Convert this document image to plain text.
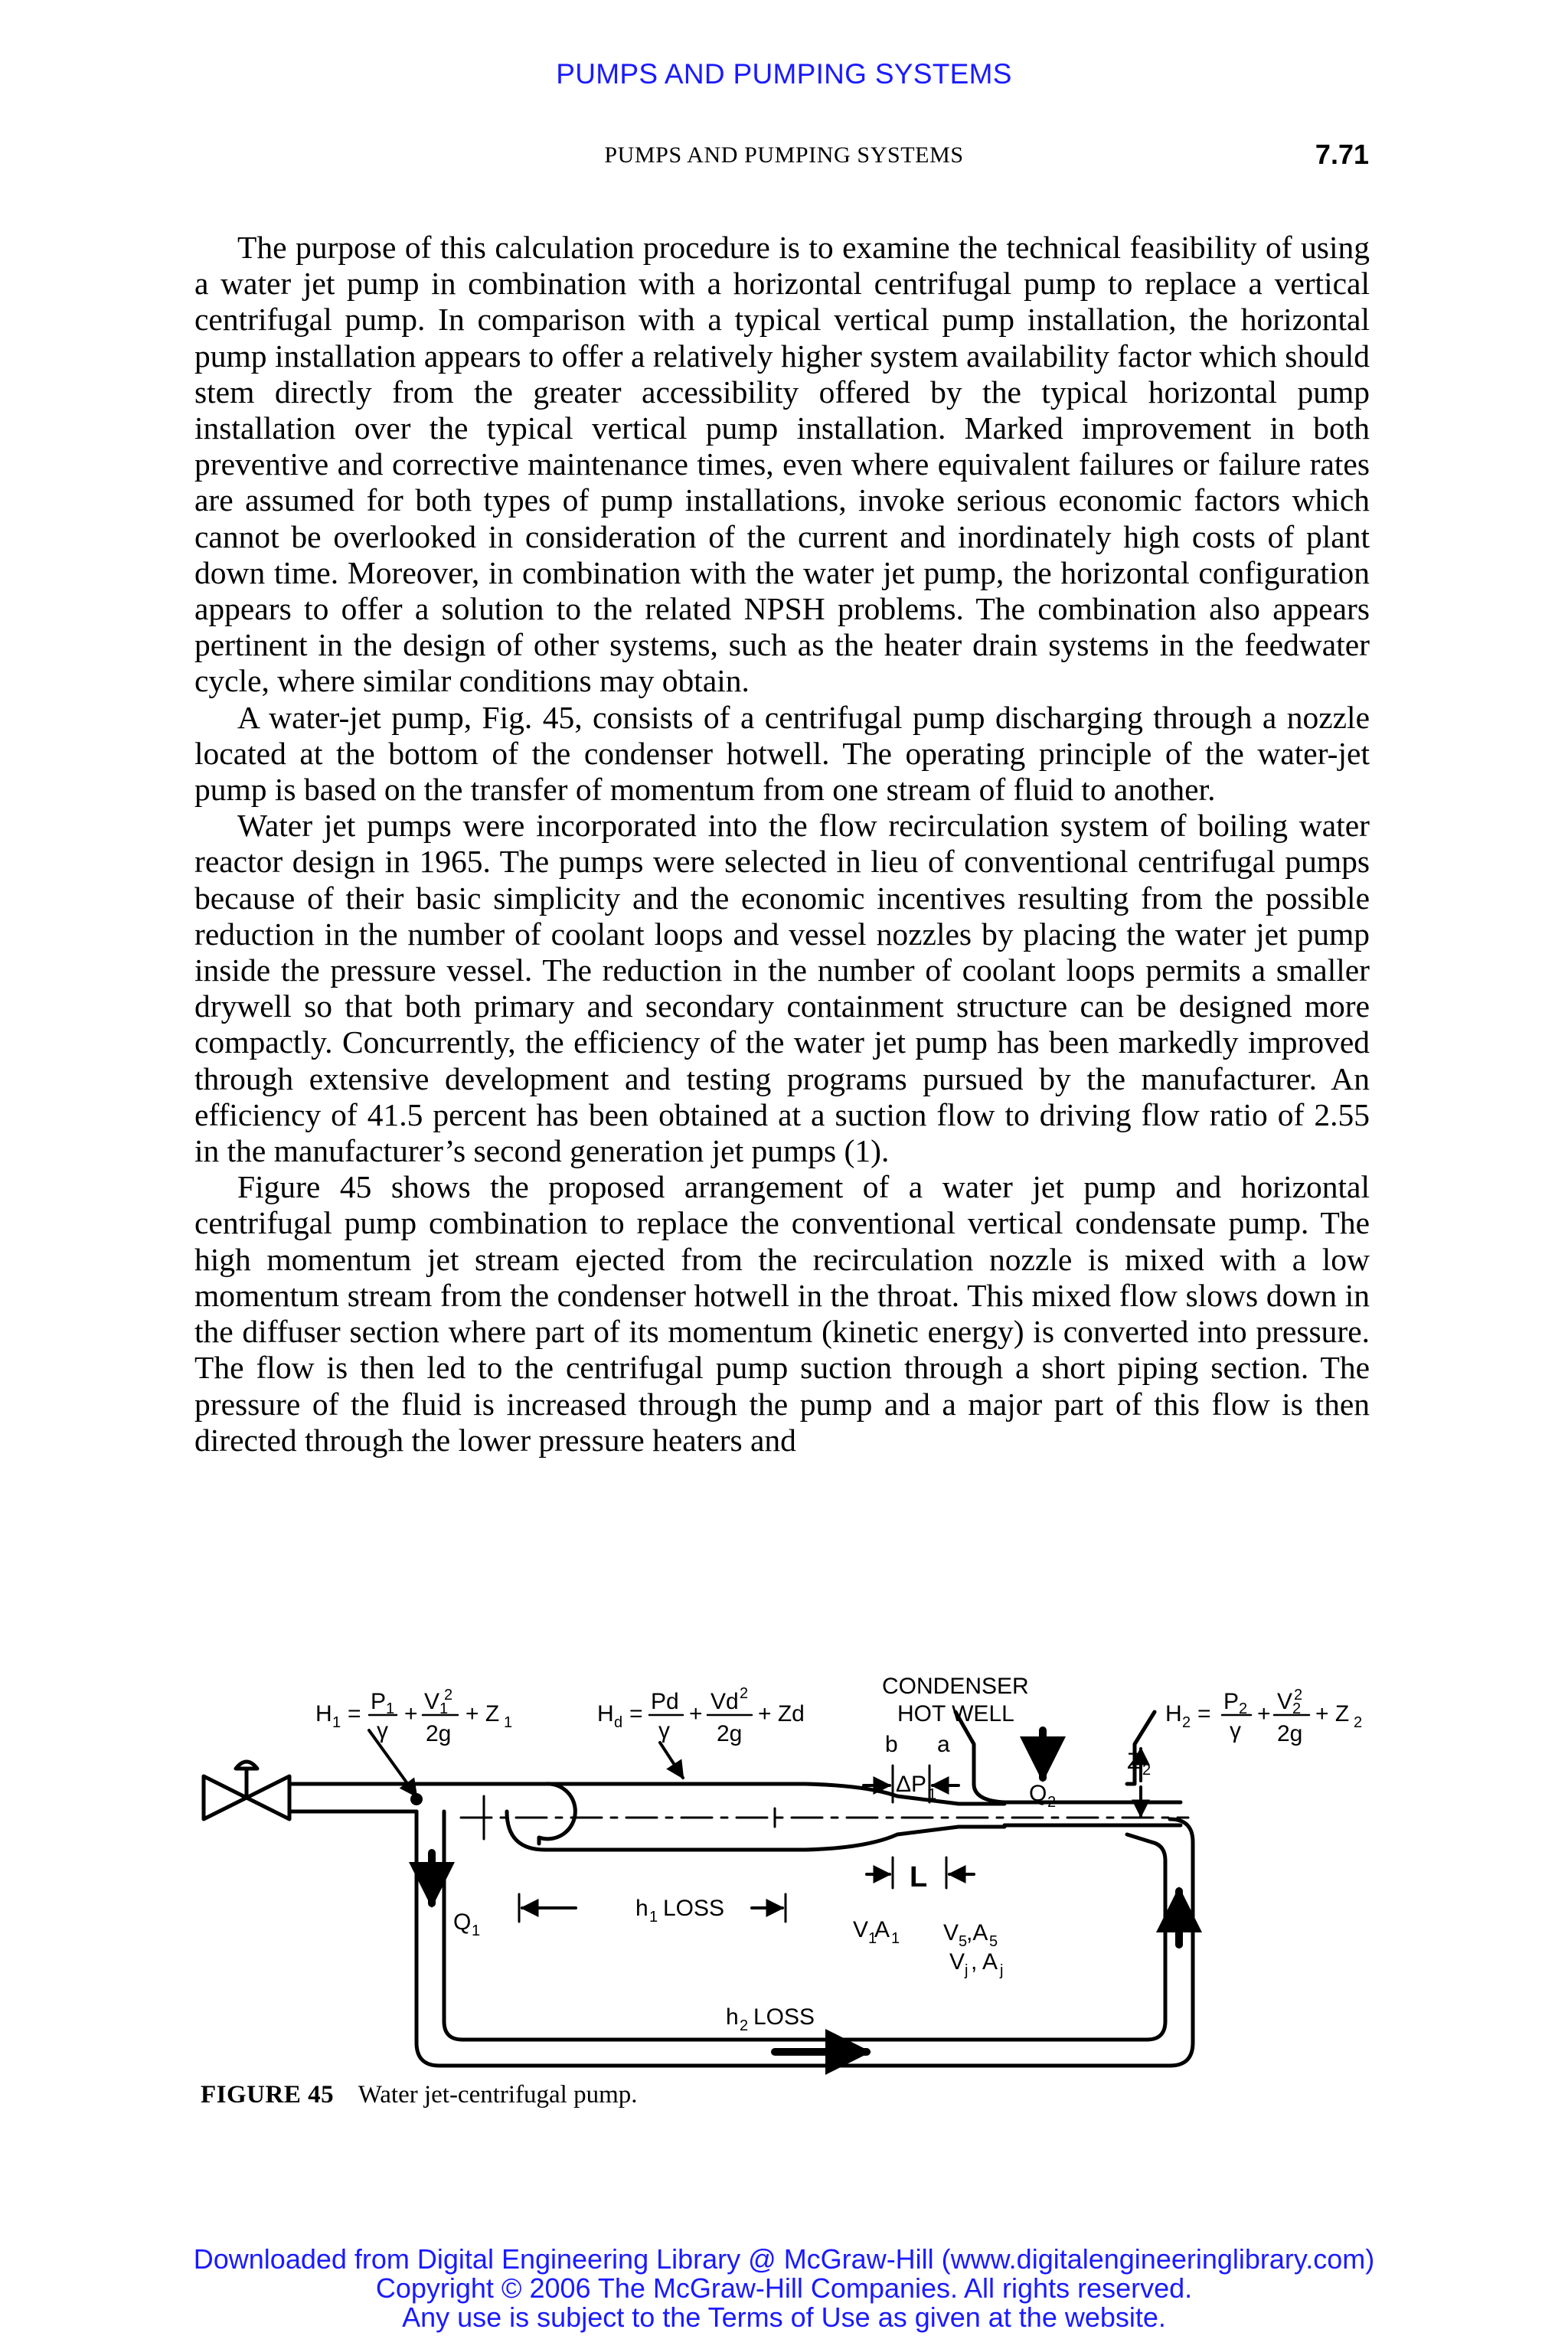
PUMPS AND PUMPING SYSTEMS
PUMPS AND PUMPING SYSTEMS	7.71

The purpose of this calculation procedure is to examine the technical feasibility of using a water jet pump in combination with a horizontal centrifugal pump to replace a vertical centrifugal pump. In comparison with a typical vertical pump installation, the horizontal pump installation appears to offer a relatively higher system availability factor which should stem directly from the greater accessibility offered by the typical horizontal pump installation over the typical vertical pump installation. Marked improvement in both preventive and corrective maintenance times, even where equivalent failures or failure rates are assumed for both types of pump installations, invoke serious economic factors which cannot be overlooked in consideration of the current and inordinately high costs of plant down time. Moreover, in combination with the water jet pump, the horizontal configuration appears to offer a solution to the related NPSH problems. The combination also appears pertinent in the design of other systems, such as the heater drain systems in the feedwater cycle, where similar conditions may obtain.

A water-jet pump, Fig. 45, consists of a centrifugal pump discharging through a nozzle located at the bottom of the condenser hotwell. The operating principle of the water-jet pump is based on the transfer of momentum from one stream of fluid to another.

Water jet pumps were incorporated into the flow recirculation system of boiling water reactor design in 1965. The pumps were selected in lieu of conventional centrifugal pumps because of their basic simplicity and the economic incentives resulting from the possible reduction in the number of coolant loops and vessel nozzles by placing the water jet pump inside the pressure vessel. The reduction in the number of coolant loops permits a smaller drywell so that both primary and secondary containment structure can be designed more compactly. Concurrently, the efficiency of the water jet pump has been markedly improved through extensive development and testing programs pursued by the manufacturer. An efficiency of 41.5 percent has been obtained at a suction flow to driving flow ratio of 2.55 in the manufacturer’s second generation jet pumps (1).

Figure 45 shows the proposed arrangement of a water jet pump and horizontal centrifugal pump combination to replace the conventional vertical condensate pump. The high momentum jet stream ejected from the recirculation nozzle is mixed with a low momentum stream from the condenser hotwell in the throat. This mixed flow slows down in the diffuser section where part of its momentum (kinetic energy) is converted into pressure. The flow is then led to the centrifugal pump suction through a short piping section. The pressure of the fluid is increased through the pump and a major part of this flow is then directed through the lower pressure heaters and

H 1 = P 1
γ
+ V 1
2
2g
+ Z 1	H d = Pd
γ
+ Vd 2
2g
+ Zd
CONDENSER
HOT WELL	H 2 = P 2
γ
+ V 2
2
2g
+ Z 2
b a
ΔP 1	Q 2
Z 2
h 1 LOSS
L
Q 1	V 1
A 1 V 5
,A 5
V j , A j
h 2 LOSS
FIGURE 45 Water jet-centrifugal pump.
Downloaded from Digital Engineering Library @ McGraw-Hill (www.digitalengineeringlibrary.com)
Copyright © 2006 The McGraw-Hill Companies. All rights reserved.
Any use is subject to the Terms of Use as given at the website.
